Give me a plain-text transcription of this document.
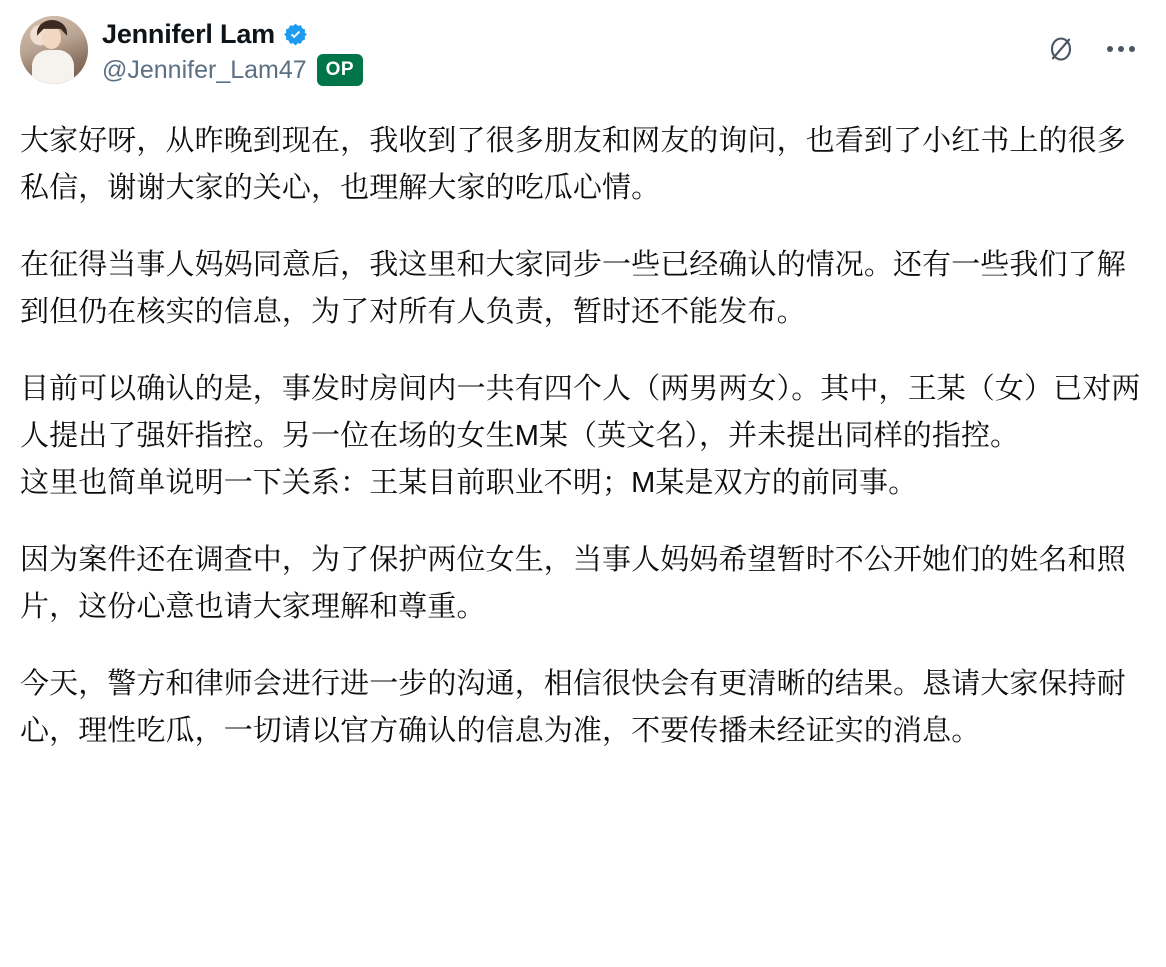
Jenniferl Lam
@Jennifer_Lam47	OP

大家好呀，从昨晚到现在，我收到了很多朋友和网友的询问，也看到了小红书上的很多私信，谢谢大家的关心，也理解大家的吃瓜心情。

在征得当事人妈妈同意后，我这里和大家同步一些已经确认的情况。还有一些我们了解到但仍在核实的信息，为了对所有人负责，暂时还不能发布。

目前可以确认的是，事发时房间内一共有四个人（两男两女）。其中，王某（女）已对两人提出了强奸指控。另一位在场的女生M某（英文名），并未提出同样的指控。

这里也简单说明一下关系：王某目前职业不明；M某是双方的前同事。

因为案件还在调查中，为了保护两位女生，当事人妈妈希望暂时不公开她们的姓名和照片，这份心意也请大家理解和尊重。

今天，警方和律师会进行进一步的沟通，相信很快会有更清晰的结果。恳请大家保持耐心，理性吃瓜，一切请以官方确认的信息为准，不要传播未经证实的消息。
